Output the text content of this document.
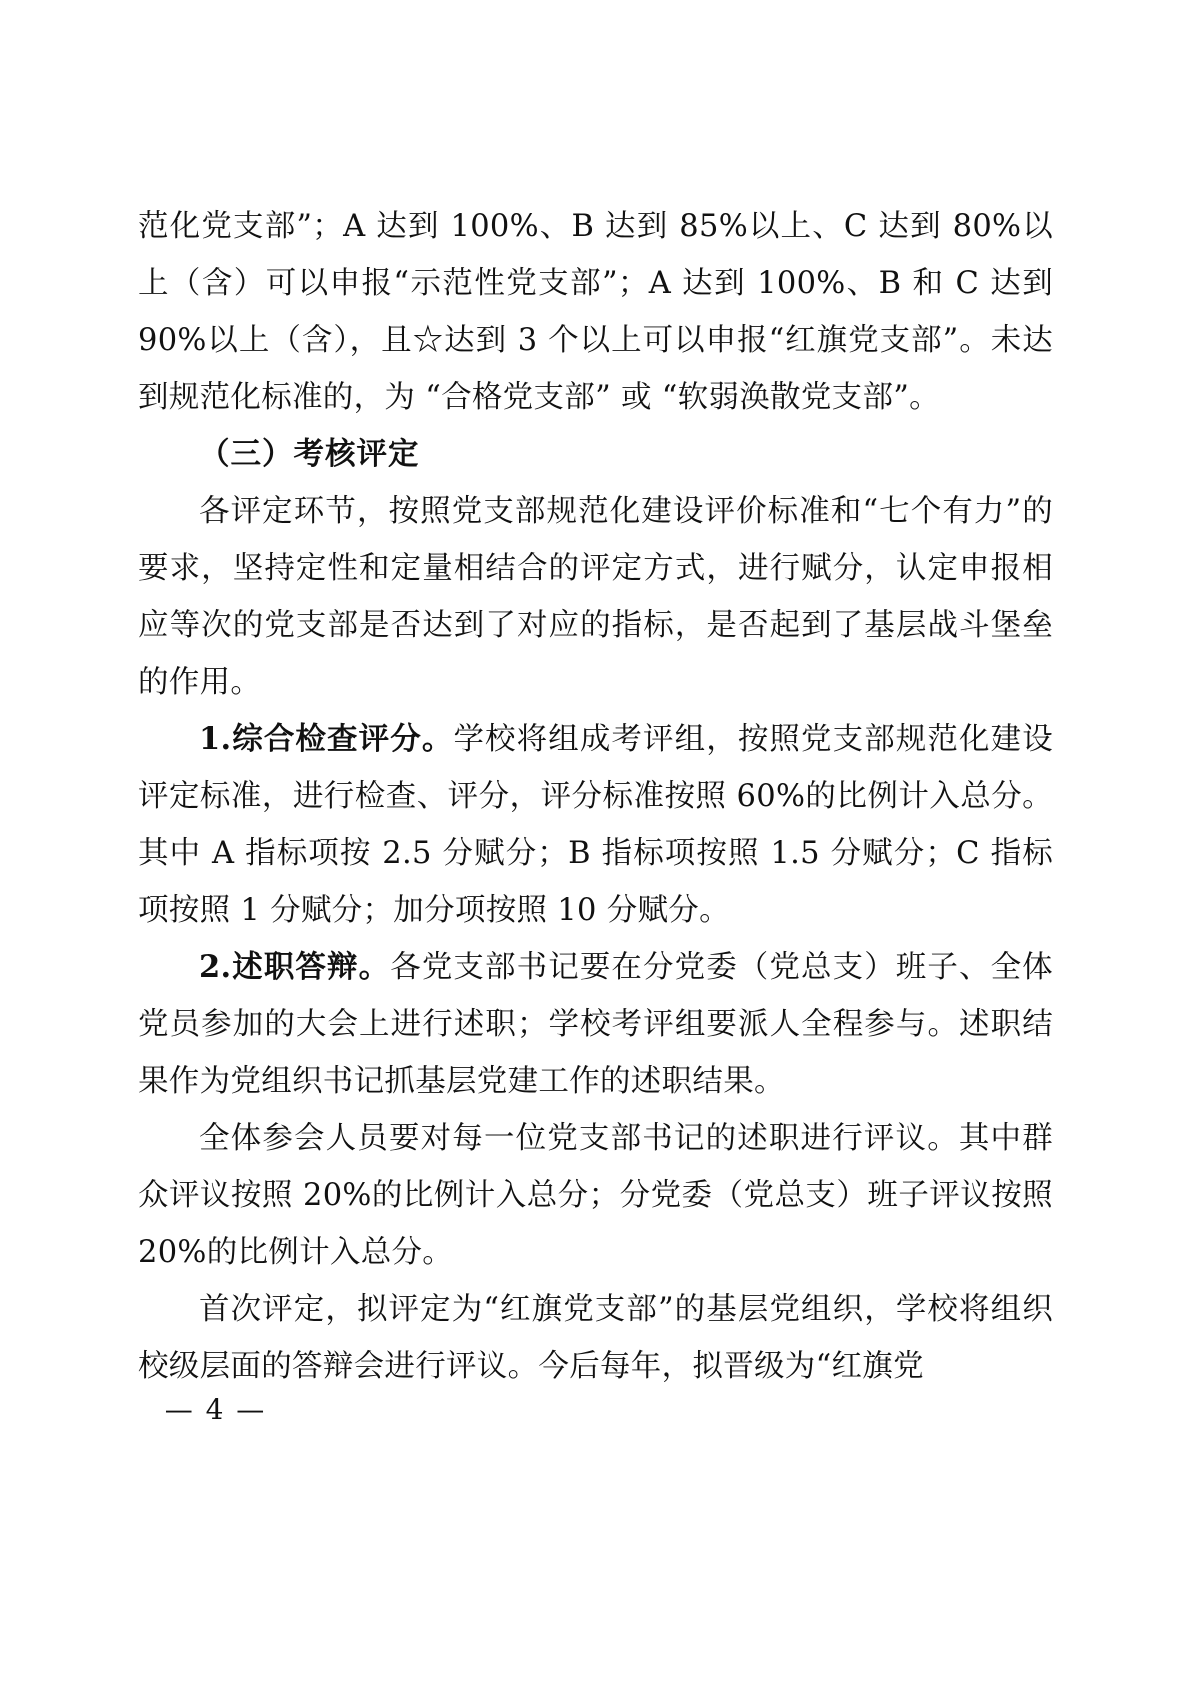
范化党支部”；A 达到 100%、B 达到 85%以上、C 达到 80%以上（含）可以申报“示范性党支部”；A 达到 100%、B 和 C 达到 90%以上（含），且☆达到 3 个以上可以申报“红旗党支部”。未达到规范化标准的，为 “合格党支部” 或 “软弱涣散党支部”。

（三）考核评定

各评定环节，按照党支部规范化建设评价标准和“七个有力”的要求，坚持定性和定量相结合的评定方式，进行赋分，认定申报相应等次的党支部是否达到了对应的指标，是否起到了基层战斗堡垒的作用。

1.综合检查评分。学校将组成考评组，按照党支部规范化建设评定标准，进行检查、评分，评分标准按照 60%的比例计入总分。其中 A 指标项按 2.5 分赋分；B 指标项按照 1.5 分赋分；C 指标项按照 1 分赋分；加分项按照 10 分赋分。

2.述职答辩。各党支部书记要在分党委（党总支）班子、全体党员参加的大会上进行述职；学校考评组要派人全程参与。述职结果作为党组织书记抓基层党建工作的述职结果。

全体参会人员要对每一位党支部书记的述职进行评议。其中群众评议按照 20%的比例计入总分；分党委（党总支）班子评议按照 20%的比例计入总分。

首次评定，拟评定为“红旗党支部”的基层党组织，学校将组织校级层面的答辩会进行评议。今后每年，拟晋级为“红旗党

— 4 —
